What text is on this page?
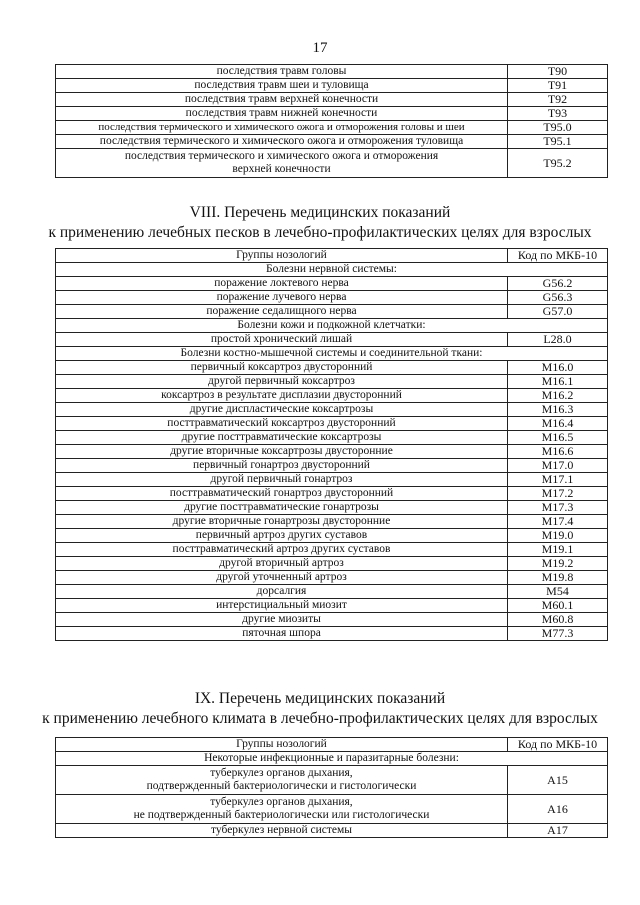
17
последствия травм головы	T90
последствия травм шеи и туловища	T91
последствия травм верхней конечности	T92
последствия травм нижней конечности	T93
последствия термического и химического ожога и отморожения головы и шеи	T95.0
последствия термического и химического ожога и отморожения туловища	T95.1

последствия термического и химического ожога и отморожения
верхней конечности	T95.2
VIII. Перечень медицинских показаний
к применению лечебных песков в лечебно-профилактических целях для взрослых
Группы нозологий	Код по МКБ-10
Болезни нервной системы:	
поражение локтевого нерва	G56.2
поражение лучевого нерва	G56.3
поражение седалищного нерва	G57.0
Болезни кожи и подкожной клетчатки:	
простой хронический лишай	L28.0
Болезни костно-мышечной системы и соединительной ткани:	
первичный коксартроз двусторонний	M16.0
другой первичный коксартроз	M16.1
коксартроз в результате дисплазии двусторонний	M16.2
другие диспластические коксартрозы	M16.3
посттравматический коксартроз двусторонний	M16.4
другие посттравматические коксартрозы	M16.5
другие вторичные коксартрозы двусторонние	M16.6
первичный гонартроз двусторонний	M17.0
другой первичный гонартроз	M17.1
посттравматический гонартроз двусторонний	M17.2
другие посттравматические гонартрозы	M17.3
другие вторичные гонартрозы двусторонние	M17.4
первичный артроз других суставов	M19.0
посттравматический артроз других суставов	M19.1
другой вторичный артроз	M19.2
другой уточненный артроз	M19.8
дорсалгия	M54
интерстициальный миозит	M60.1
другие миозиты	M60.8
пяточная шпора	M77.3
IX. Перечень медицинских показаний
к применению лечебного климата в лечебно-профилактических целях для взрослых
Группы нозологий	Код по МКБ-10
Некоторые инфекционные и паразитарные болезни:	

туберкулез органов дыхания,
подтвержденный бактериологически и гистологически	A15

туберкулез органов дыхания,
не подтвержденный бактериологически или гистологически	A16
туберкулез нервной системы	A17
